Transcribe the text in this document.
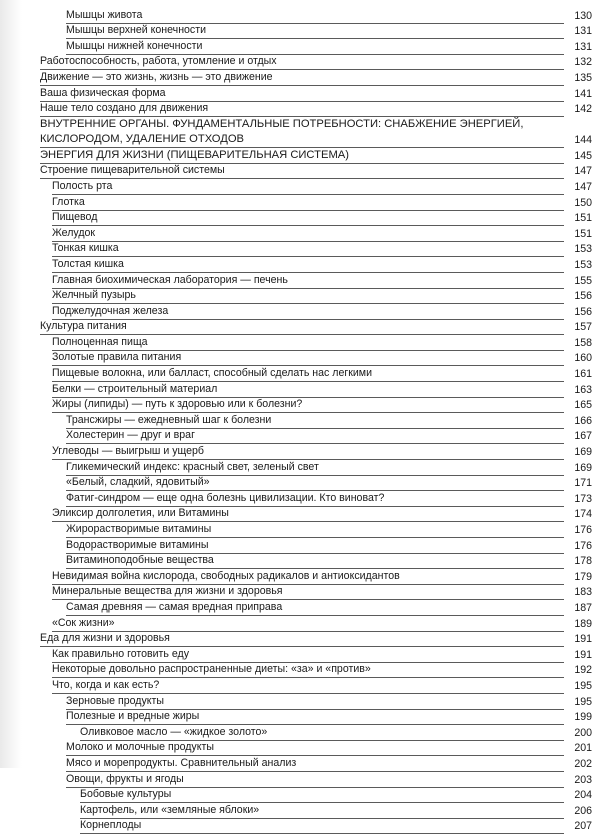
Мышцы живота	130
Мышцы верхней конечности	131
Мышцы нижней конечности	131
Работоспособность, работа, утомление и отдых	132
Движение — это жизнь, жизнь — это движение	135
Ваша физическая форма	141
Наше тело создано для движения	142
ВНУТРЕННИЕ ОРГАНЫ. ФУНДАМЕНТАЛЬНЫЕ ПОТРЕБНОСТИ: СНАБЖЕНИЕ ЭНЕРГИЕЙ,
КИСЛОРОДОМ, УДАЛЕНИЕ ОТХОДОВ	144
ЭНЕРГИЯ ДЛЯ ЖИЗНИ (ПИЩЕВАРИТЕЛЬНАЯ СИСТЕМА)	145
Строение пищеварительной системы	147
Полость рта	147
Глотка	150
Пищевод	151
Желудок	151
Тонкая кишка	153
Толстая кишка	153
Главная биохимическая лаборатория — печень	155
Желчный пузырь	156
Поджелудочная железа	156
Культура питания	157
Полноценная пища	158
Золотые правила питания	160
Пищевые волокна, или балласт, способный сделать нас легкими	161
Белки — строительный материал	163
Жиры (липиды) — путь к здоровью или к болезни?	165
Трансжиры — ежедневный шаг к болезни	166
Холестерин — друг и враг	167
Углеводы — выигрыш и ущерб	169
Гликемический индекс: красный свет, зеленый свет	169
«Белый, сладкий, ядовитый»	171
Фатиг-синдром — еще одна болезнь цивилизации. Кто виноват?	173
Эликсир долголетия, или Витамины	174
Жирорастворимые витамины	176
Водорастворимые витамины	176
Витаминоподобные вещества	178
Невидимая война кислорода, свободных радикалов и антиоксидантов	179
Минеральные вещества для жизни и здоровья	183
Самая древняя — самая вредная приправа	187
«Сок жизни»	189
Еда для жизни и здоровья	191
Как правильно готовить еду	191
Некоторые довольно распространенные диеты: «за» и «против»	192
Что, когда и как есть?	195
Зерновые продукты	195
Полезные и вредные жиры	199
Оливковое масло — «жидкое золото»	200
Молоко и молочные продукты	201
Мясо и морепродукты. Сравнительный анализ	202
Овощи, фрукты и ягоды	203
Бобовые культуры	204
Картофель, или «земляные яблоки»	206
Корнеплоды	207
